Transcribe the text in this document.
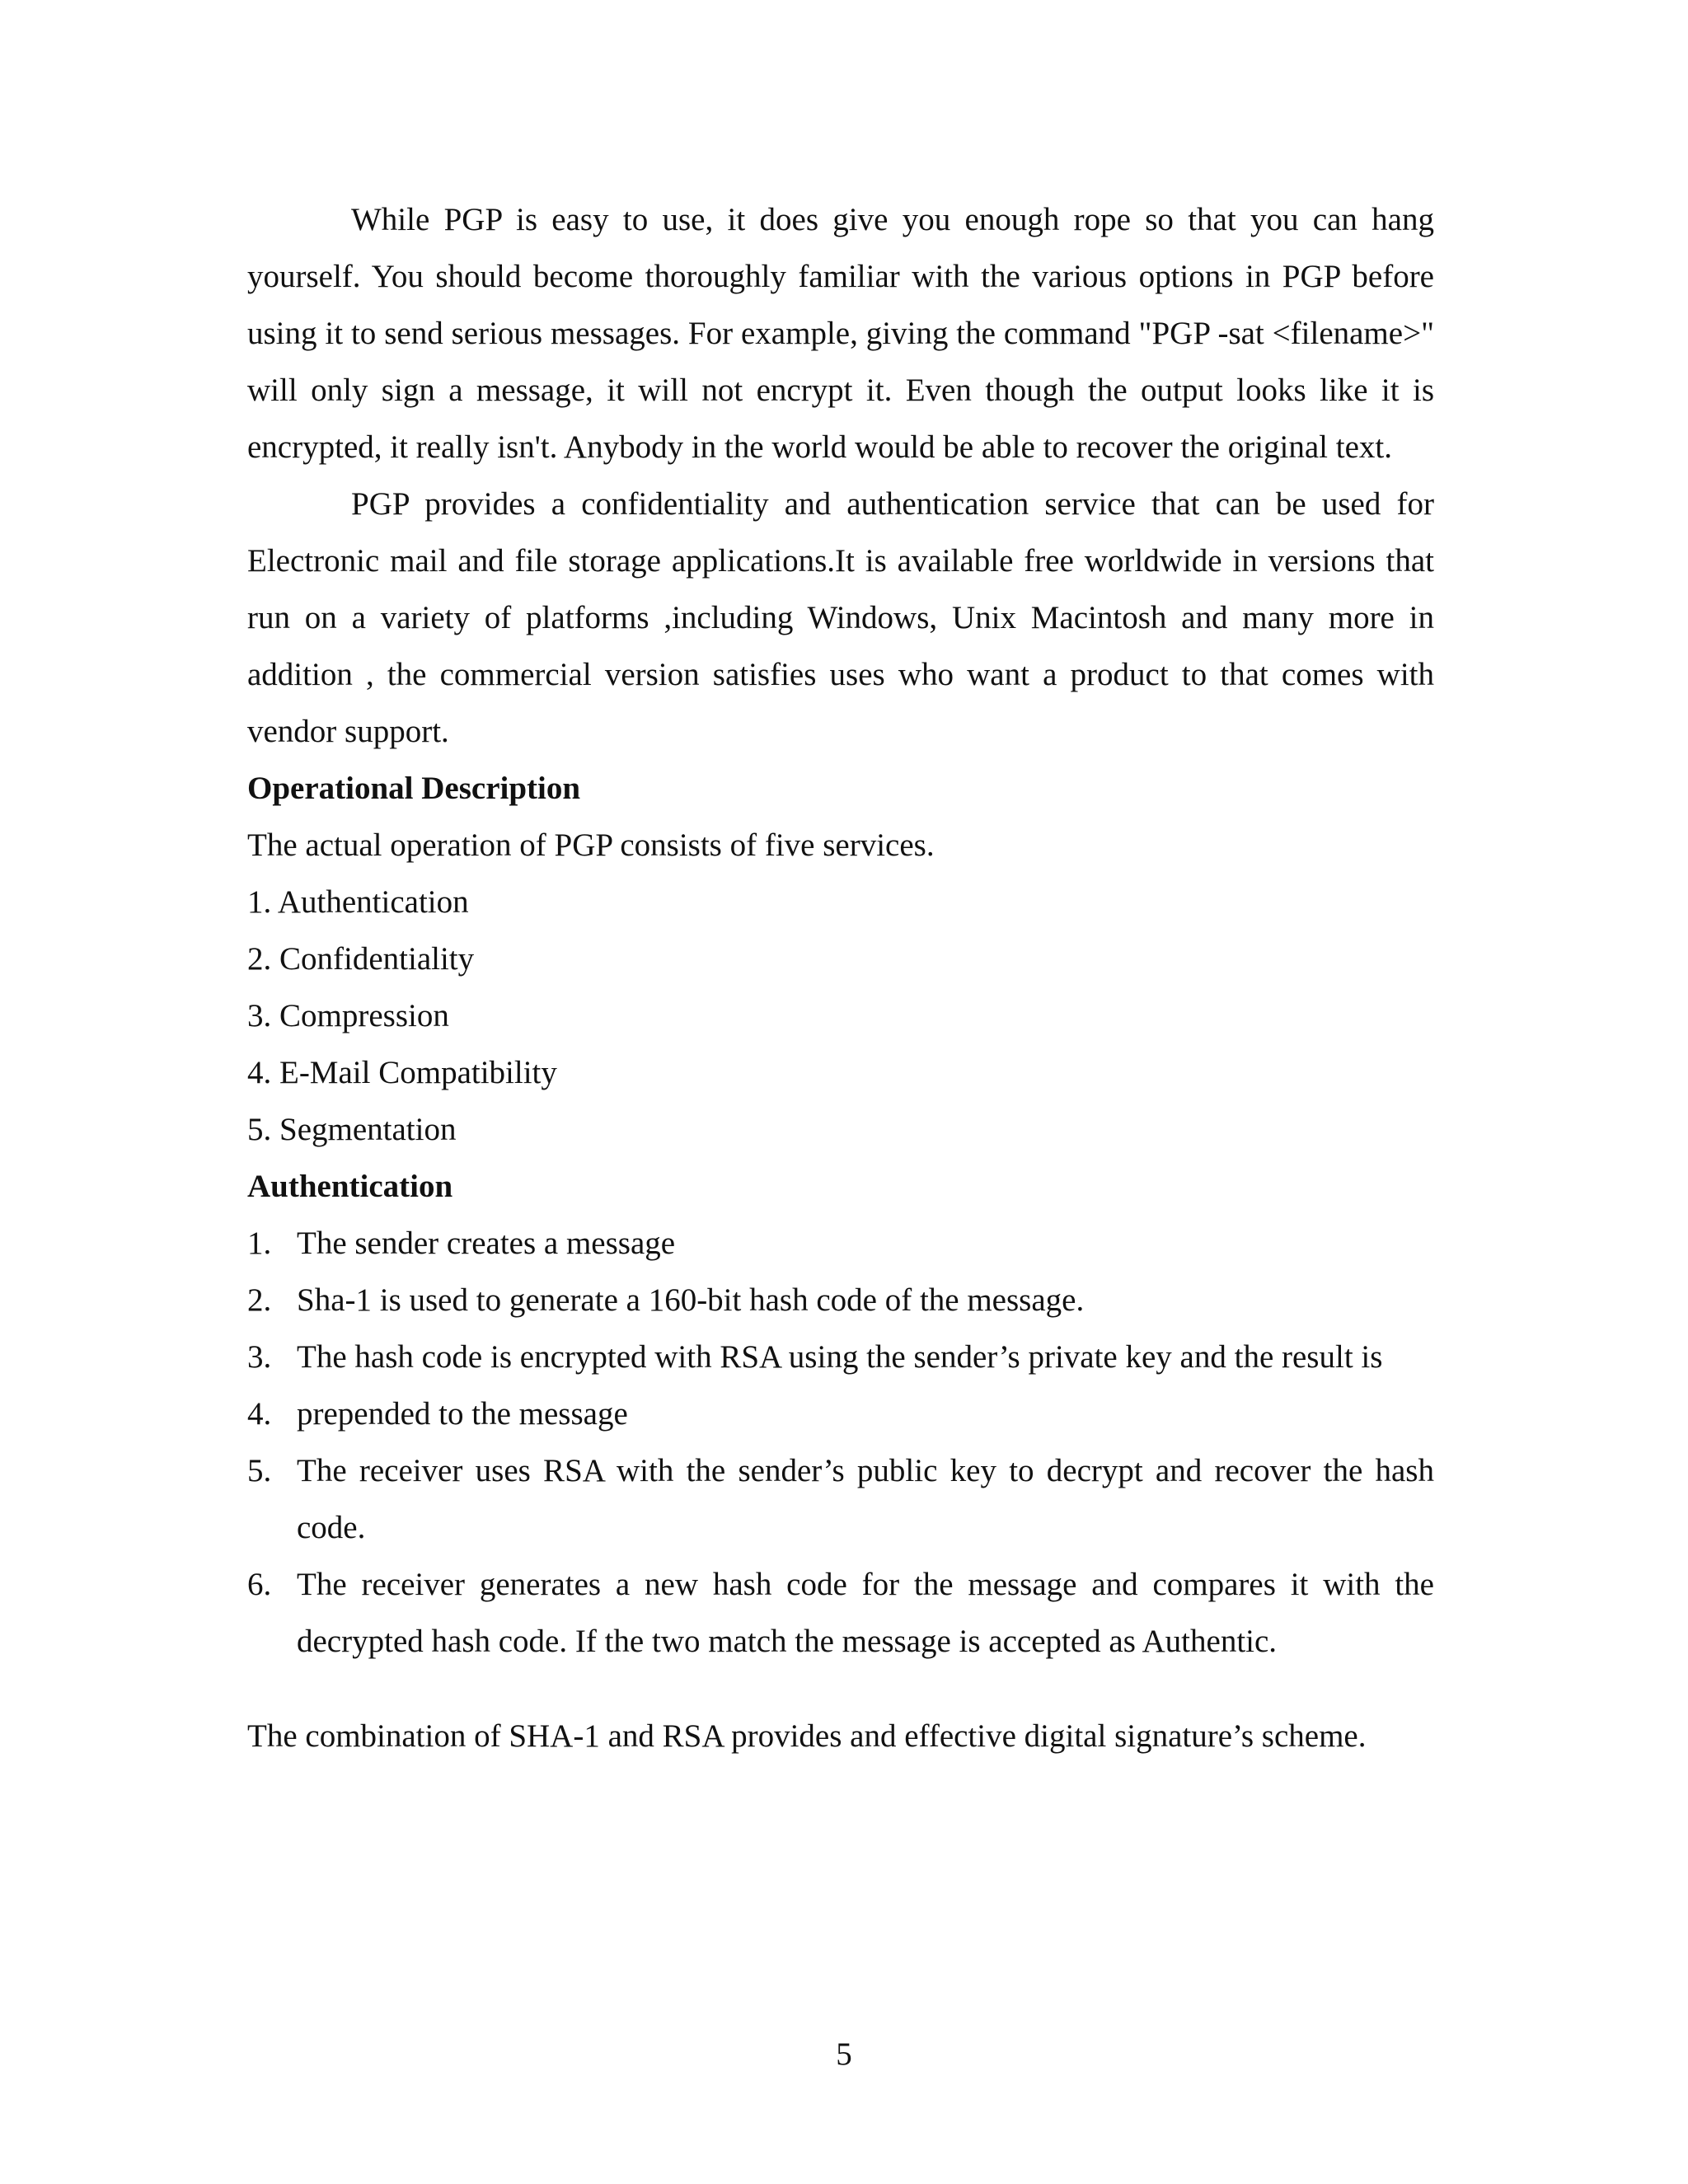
While PGP is easy to use, it does give you enough rope so that you can hang yourself. You should become thoroughly familiar with the various options in PGP before using it to send serious messages. For example, giving the command "PGP -sat <filename>" will only sign a message, it will not encrypt it. Even though the output looks like it is encrypted, it really isn't. Anybody in the world would be able to recover the original text.

PGP provides a confidentiality and authentication service that can be used for Electronic mail and file storage applications.It is available free worldwide in versions that run on a variety of platforms ,including Windows, Unix Macintosh and many more in addition , the commercial version satisfies uses who want a product to that comes with vendor support.

Operational Description

The actual operation of PGP consists of five services.

1. Authentication
2. Confidentiality
3. Compression
4. E-Mail Compatibility
5. Segmentation

Authentication

1. The sender creates a message
2. Sha-1 is used to generate a 160-bit hash code of the message.
3. The hash code is encrypted with RSA using the sender’s private key and the result is
4. prepended to the message
5. The receiver uses RSA with the sender’s public key to decrypt and recover the hash code.
6. The receiver generates a new hash code for the message and compares it with the decrypted hash code. If the two match the message is accepted as Authentic.

The combination of SHA-1 and RSA provides and effective digital signature’s scheme.

5
